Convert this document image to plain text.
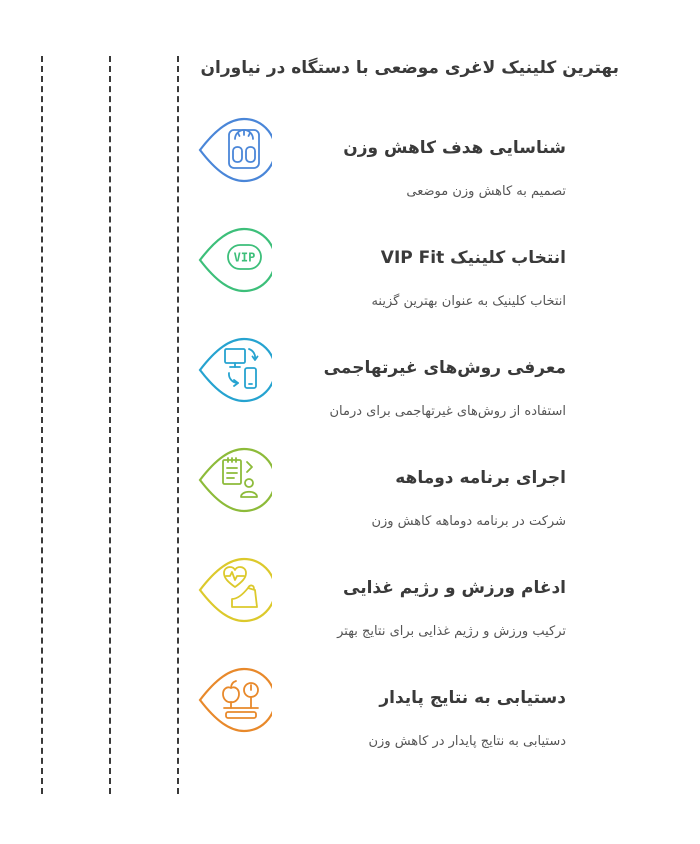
بهترین کلینیک لاغری موضعی با دستگاه در نیاوران
شناسایی هدف کاهش وزن
تصمیم به کاهش وزن موضعی
VIP	انتخاب کلینیک VIP Fit
انتخاب کلینیک به عنوان بهترین گزینه
معرفی روش‌های غیرتهاجمی
استفاده از روش‌های غیرتهاجمی برای درمان
اجرای برنامه دوماهه
شرکت در برنامه دوماهه کاهش وزن
ادغام ورزش و رژیم غذایی
ترکیب ورزش و رژیم غذایی برای نتایج بهتر
دستیابی به نتایج پایدار
دستیابی به نتایج پایدار در کاهش وزن
